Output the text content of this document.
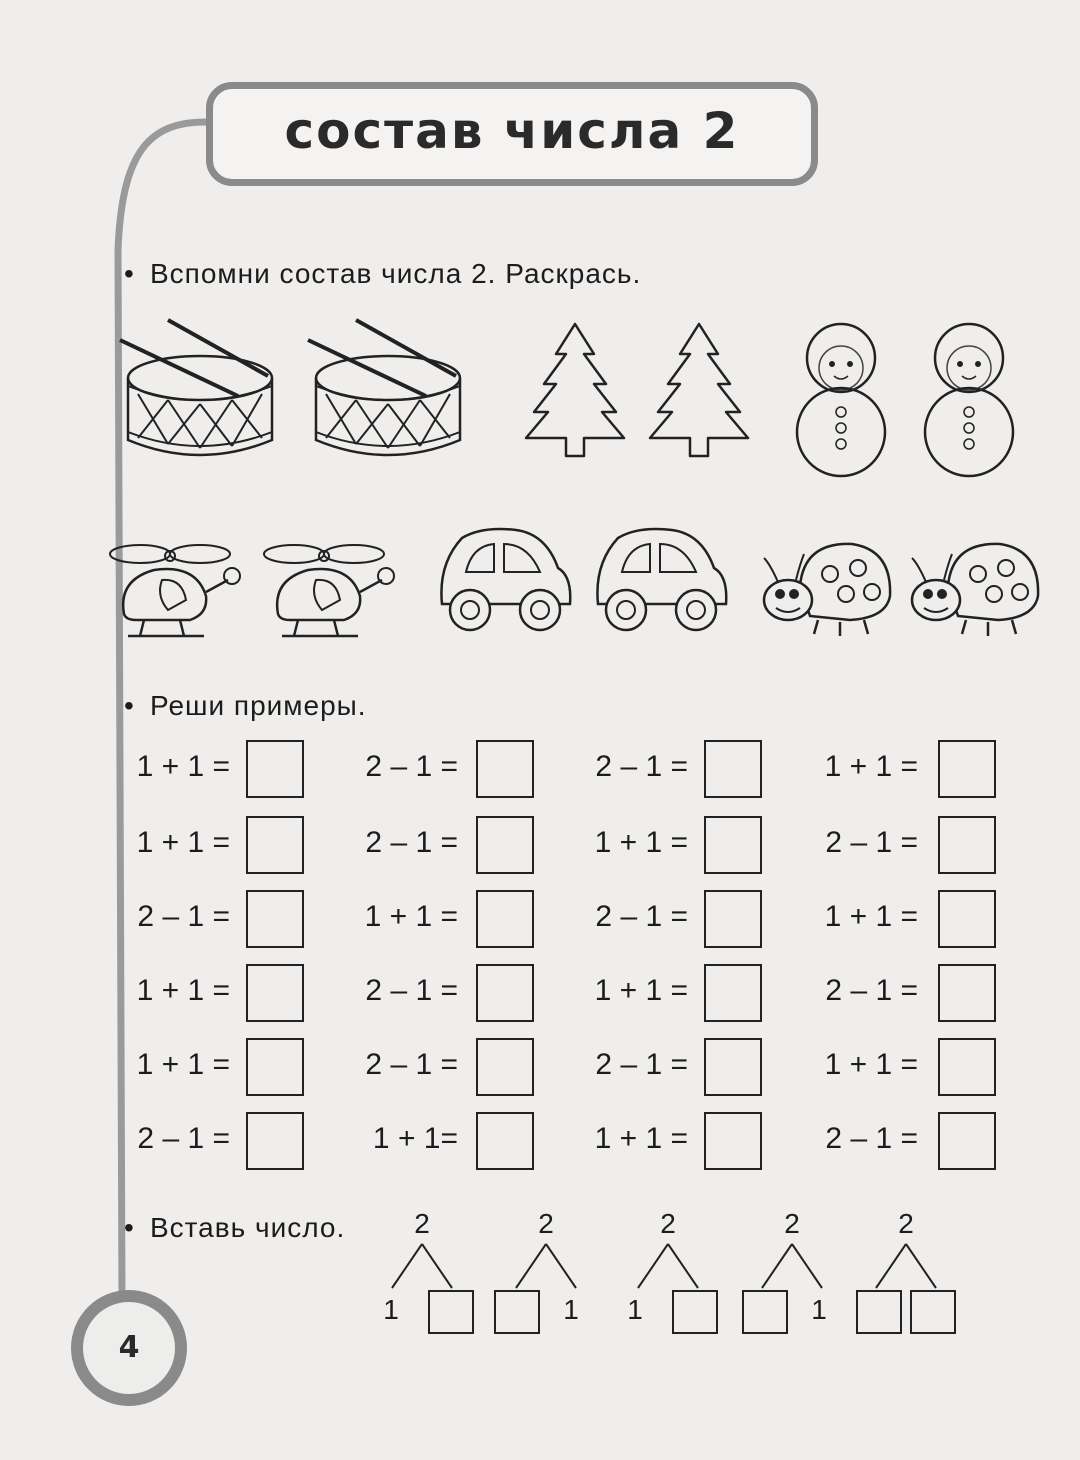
состав числа 2
4
• Вспомни состав числа 2. Раскрась.
• Реши примеры.
1 + 1 =	2 – 1 =	2 – 1 =	1 + 1 =
1 + 1 =	2 – 1 =	1 + 1 =	2 – 1 =
2 – 1 =	1 + 1 =	2 – 1 =	1 + 1 =
1 + 1 =	2 – 1 =	1 + 1 =	2 – 1 =
1 + 1 =	2 – 1 =	2 – 1 =	1 + 1 =
2 – 1 =	1 + 1=	1 + 1 =	2 – 1 =
• Вставь число. 2
1
2
1
2
1
2
1
2
